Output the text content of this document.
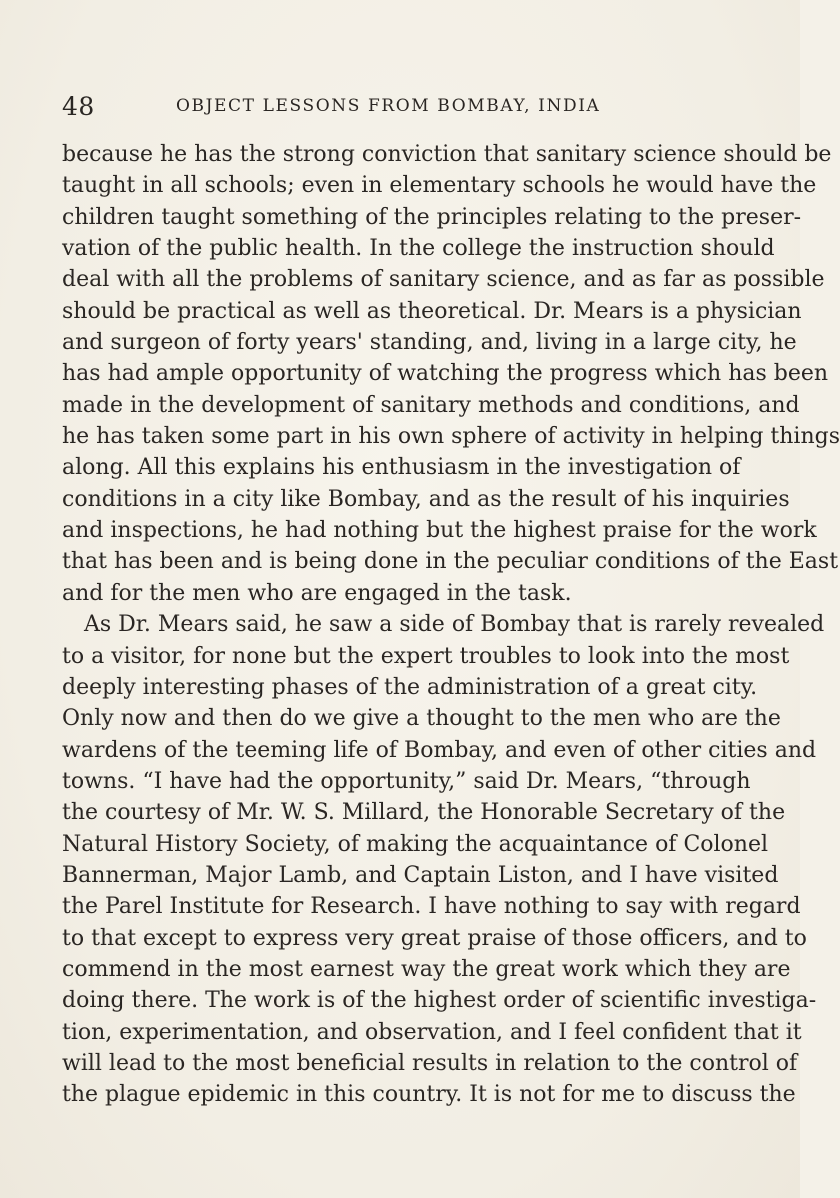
48	OBJECT LESSONS FROM BOMBAY, INDIA
because he has the strong conviction that sanitary science should be
taught in all schools; even in elementary schools he would have the
children taught something of the principles relating to the preser-
vation of the public health. In the college the instruction should
deal with all the problems of sanitary science, and as far as possible
should be practical as well as theoretical. Dr. Mears is a physician
and surgeon of forty years' standing, and, living in a large city, he
has had ample opportunity of watching the progress which has been
made in the development of sanitary methods and conditions, and
he has taken some part in his own sphere of activity in helping things
along. All this explains his enthusiasm in the investigation of
conditions in a city like Bombay, and as the result of his inquiries
and inspections, he had nothing but the highest praise for the work
that has been and is being done in the peculiar conditions of the East
and for the men who are engaged in the task.
As Dr. Mears said, he saw a side of Bombay that is rarely revealed
to a visitor, for none but the expert troubles to look into the most
deeply interesting phases of the administration of a great city.
Only now and then do we give a thought to the men who are the
wardens of the teeming life of Bombay, and even of other cities and
towns. “I have had the opportunity,” said Dr. Mears, “through
the courtesy of Mr. W. S. Millard, the Honorable Secretary of the
Natural History Society, of making the acquaintance of Colonel
Bannerman, Major Lamb, and Captain Liston, and I have visited
the Parel Institute for Research. I have nothing to say with regard
to that except to express very great praise of those officers, and to
commend in the most earnest way the great work which they are
doing there. The work is of the highest order of scientific investiga-
tion, experimentation, and observation, and I feel confident that it
will lead to the most beneficial results in relation to the control of
the plague epidemic in this country. It is not for me to discuss the
